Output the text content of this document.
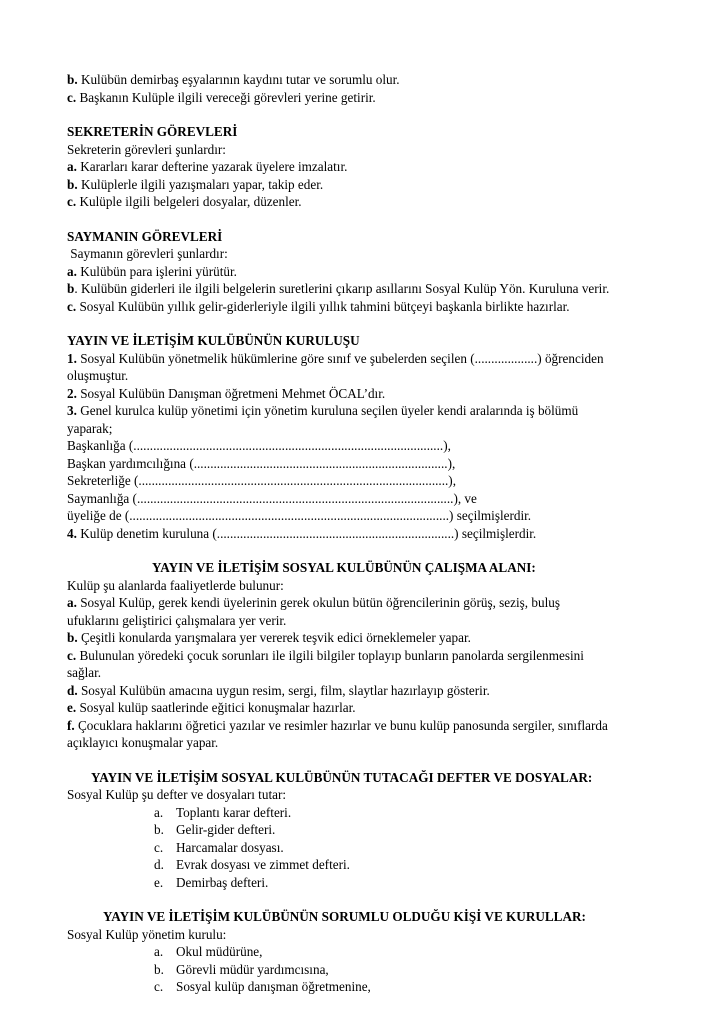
b. Kulübün demirbaş eşyalarının kaydını tutar ve sorumlu olur.
c. Başkanın Kulüple ilgili vereceği görevleri yerine getirir.
SEKRETERİN GÖREVLERİ
Sekreterin görevleri şunlardır:
a. Kararları karar defterine yazarak üyelere imzalatır.
b. Kulüplerle ilgili yazışmaları yapar, takip eder.
c. Kulüple ilgili belgeleri dosyalar, düzenler.
SAYMANIN GÖREVLERİ
Saymanın görevleri şunlardır:
a. Kulübün para işlerini yürütür.
b. Kulübün giderleri ile ilgili belgelerin suretlerini çıkarıp asıllarını Sosyal Kulüp Yön. Kuruluna verir.
c. Sosyal Kulübün yıllık gelir-giderleriyle ilgili yıllık tahmini bütçeyi başkanla birlikte hazırlar.
YAYIN VE İLETİŞİM KULÜBÜNÜN KURULUŞU
1. Sosyal Kulübün yönetmelik hükümlerine göre sınıf ve şubelerden seçilen (...................) öğrenciden
oluşmuştur.
2. Sosyal Kulübün Danışman öğretmeni Mehmet ÖCAL’dır.
3. Genel kurulca kulüp yönetimi için yönetim kuruluna seçilen üyeler kendi aralarında iş bölümü
yaparak;
Başkanlığa (..............................................................................................),
Başkan yardımcılığına (.............................................................................),
Sekreterliğe (..............................................................................................),
Saymanlığa (................................................................................................), ve
üyeliğe de (.................................................................................................) seçilmişlerdir.
4. Kulüp denetim kuruluna (........................................................................) seçilmişlerdir.
YAYIN VE İLETİŞİM SOSYAL KULÜBÜNÜN ÇALIŞMA ALANI:
Kulüp şu alanlarda faaliyetlerde bulunur:
a. Sosyal Kulüp, gerek kendi üyelerinin gerek okulun bütün öğrencilerinin görüş, seziş, buluş
ufuklarını geliştirici çalışmalara yer verir.
b. Çeşitli konularda yarışmalara yer vererek teşvik edici örneklemeler yapar.
c. Bulunulan yöredeki çocuk sorunları ile ilgili bilgiler toplayıp bunların panolarda sergilenmesini
sağlar.
d. Sosyal Kulübün amacına uygun resim, sergi, film, slaytlar hazırlayıp gösterir.
e. Sosyal kulüp saatlerinde eğitici konuşmalar hazırlar.
f. Çocuklara haklarını öğretici yazılar ve resimler hazırlar ve bunu kulüp panosunda sergiler, sınıflarda
açıklayıcı konuşmalar yapar.
YAYIN VE İLETİŞİM SOSYAL KULÜBÜNÜN TUTACAĞI DEFTER VE DOSYALAR:
Sosyal Kulüp şu defter ve dosyaları tutar:
a. Toplantı karar defteri.
b. Gelir-gider defteri.
c. Harcamalar dosyası.
d. Evrak dosyası ve zimmet defteri.
e. Demirbaş defteri.
YAYIN VE İLETİŞİM KULÜBÜNÜN SORUMLU OLDUĞU KİŞİ VE KURULLAR:
Sosyal Kulüp yönetim kurulu:
a. Okul müdürüne,
b. Görevli müdür yardımcısına,
c. Sosyal kulüp danışman öğretmenine,
